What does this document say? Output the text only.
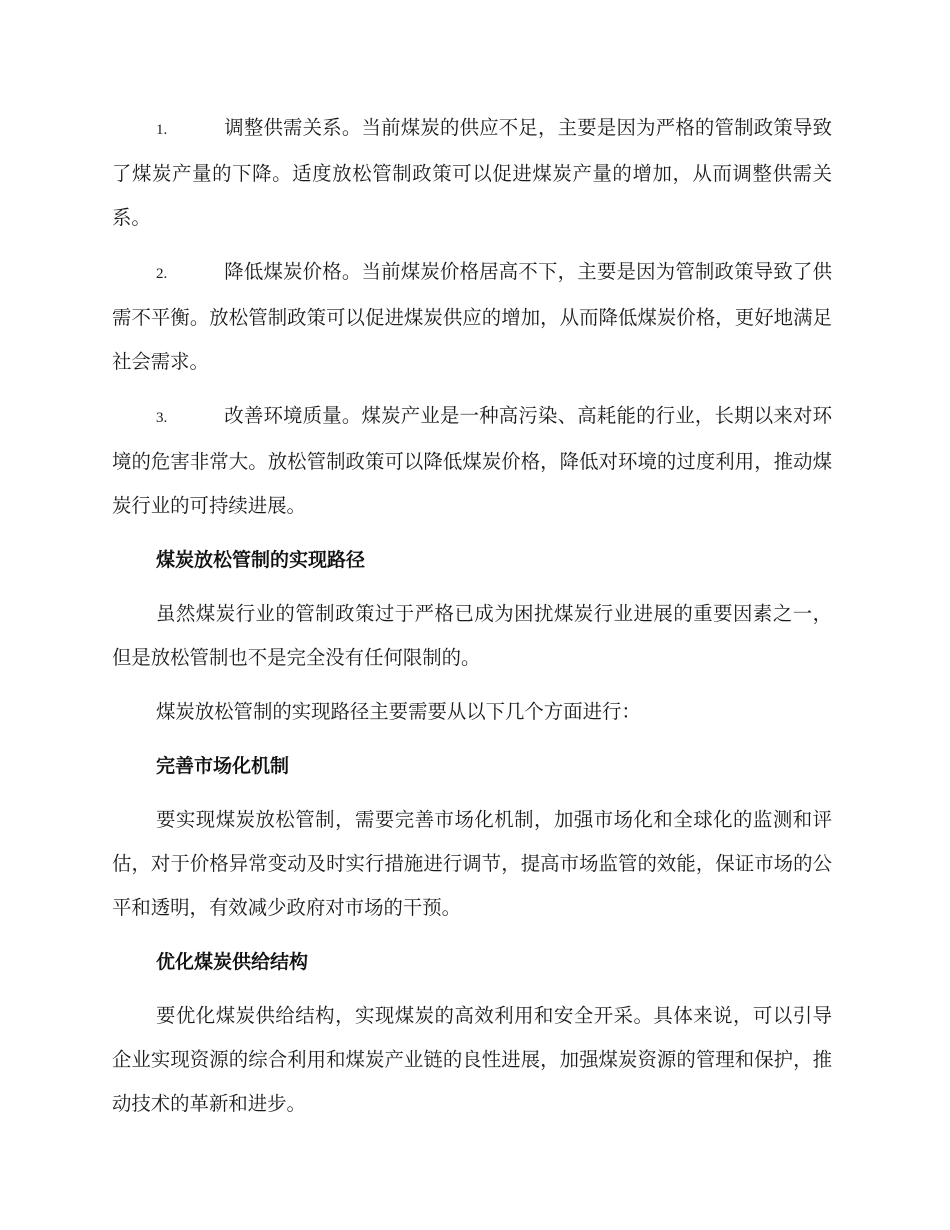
1.	调整供需关系。当前煤炭的供应不足，主要是因为严格的管制政策导致了煤炭产量的下降。适度放松管制政策可以促进煤炭产量的增加，从而调整供需关系。

2.	降低煤炭价格。当前煤炭价格居高不下，主要是因为管制政策导致了供需不平衡。放松管制政策可以促进煤炭供应的增加，从而降低煤炭价格，更好地满足社会需求。

3.	改善环境质量。煤炭产业是一种高污染、高耗能的行业，长期以来对环境的危害非常大。放松管制政策可以降低煤炭价格，降低对环境的过度利用，推动煤炭行业的可持续进展。

煤炭放松管制的实现路径

虽然煤炭行业的管制政策过于严格已成为困扰煤炭行业进展的重要因素之一，但是放松管制也不是完全没有任何限制的。

煤炭放松管制的实现路径主要需要从以下几个方面进行：

完善市场化机制

要实现煤炭放松管制，需要完善市场化机制，加强市场化和全球化的监测和评估，对于价格异常变动及时实行措施进行调节，提高市场监管的效能，保证市场的公平和透明，有效减少政府对市场的干预。

优化煤炭供给结构

要优化煤炭供给结构，实现煤炭的高效利用和安全开采。具体来说，可以引导企业实现资源的综合利用和煤炭产业链的良性进展，加强煤炭资源的管理和保护，推动技术的革新和进步。
